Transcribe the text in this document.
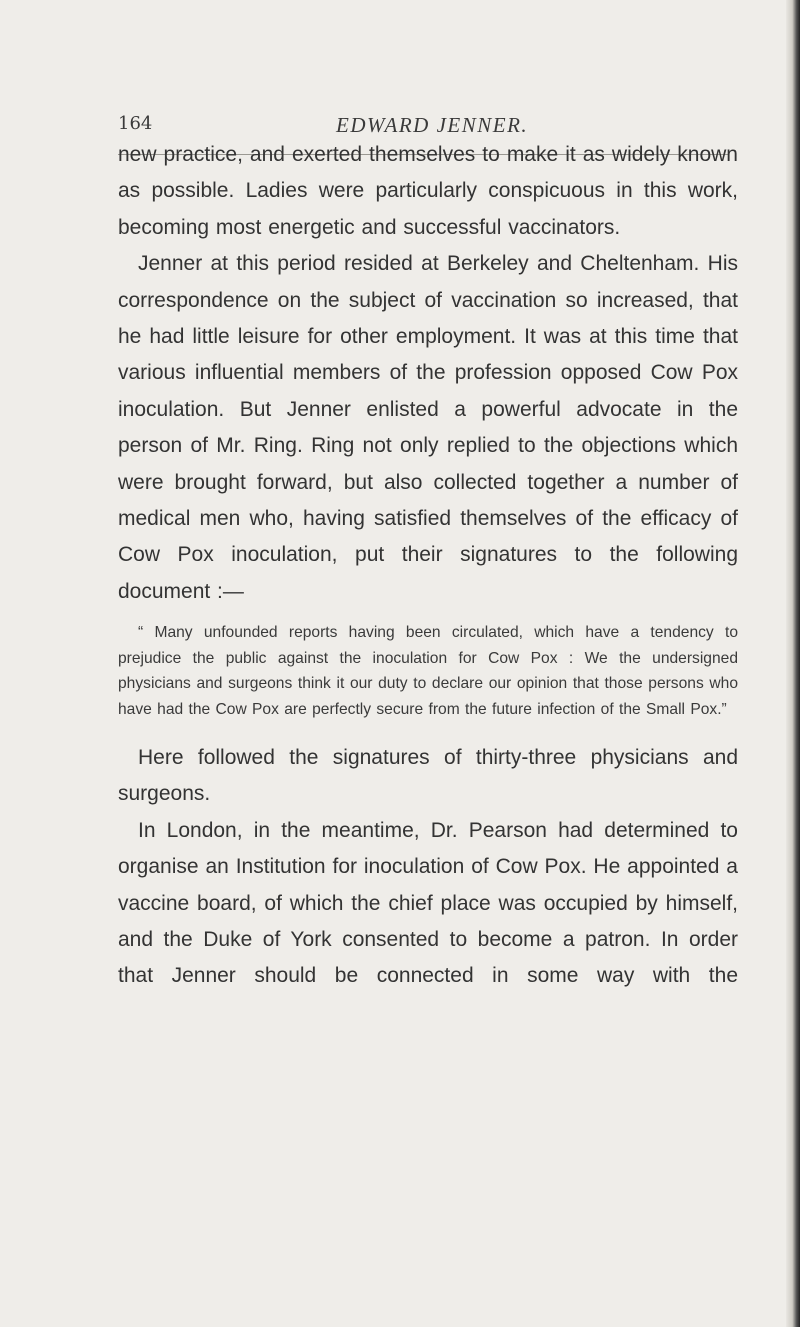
164	EDWARD JENNER.

new practice, and exerted themselves to make it as widely known as possible. Ladies were particularly conspicuous in this work, becoming most energetic and successful vaccinators.

Jenner at this period resided at Berkeley and Cheltenham. His correspondence on the subject of vaccination so increased, that he had little leisure for other employment. It was at this time that various influential members of the profession opposed Cow Pox inoculation. But Jenner enlisted a powerful advocate in the person of Mr. Ring. Ring not only replied to the objections which were brought forward, but also collected together a number of medical men who, having satisfied themselves of the efficacy of Cow Pox inoculation, put their signatures to the following document :—

“ Many unfounded reports having been circulated, which have a tendency to prejudice the public against the inoculation for Cow Pox : We the undersigned physicians and surgeons think it our duty to declare our opinion that those persons who have had the Cow Pox are perfectly secure from the future infection of the Small Pox.”

Here followed the signatures of thirty-three physicians and surgeons.

In London, in the meantime, Dr. Pearson had determined to organise an Institution for inoculation of Cow Pox. He appointed a vaccine board, of which the chief place was occupied by himself, and the Duke of York consented to become a patron. In order that Jenner should be connected in some way with the
